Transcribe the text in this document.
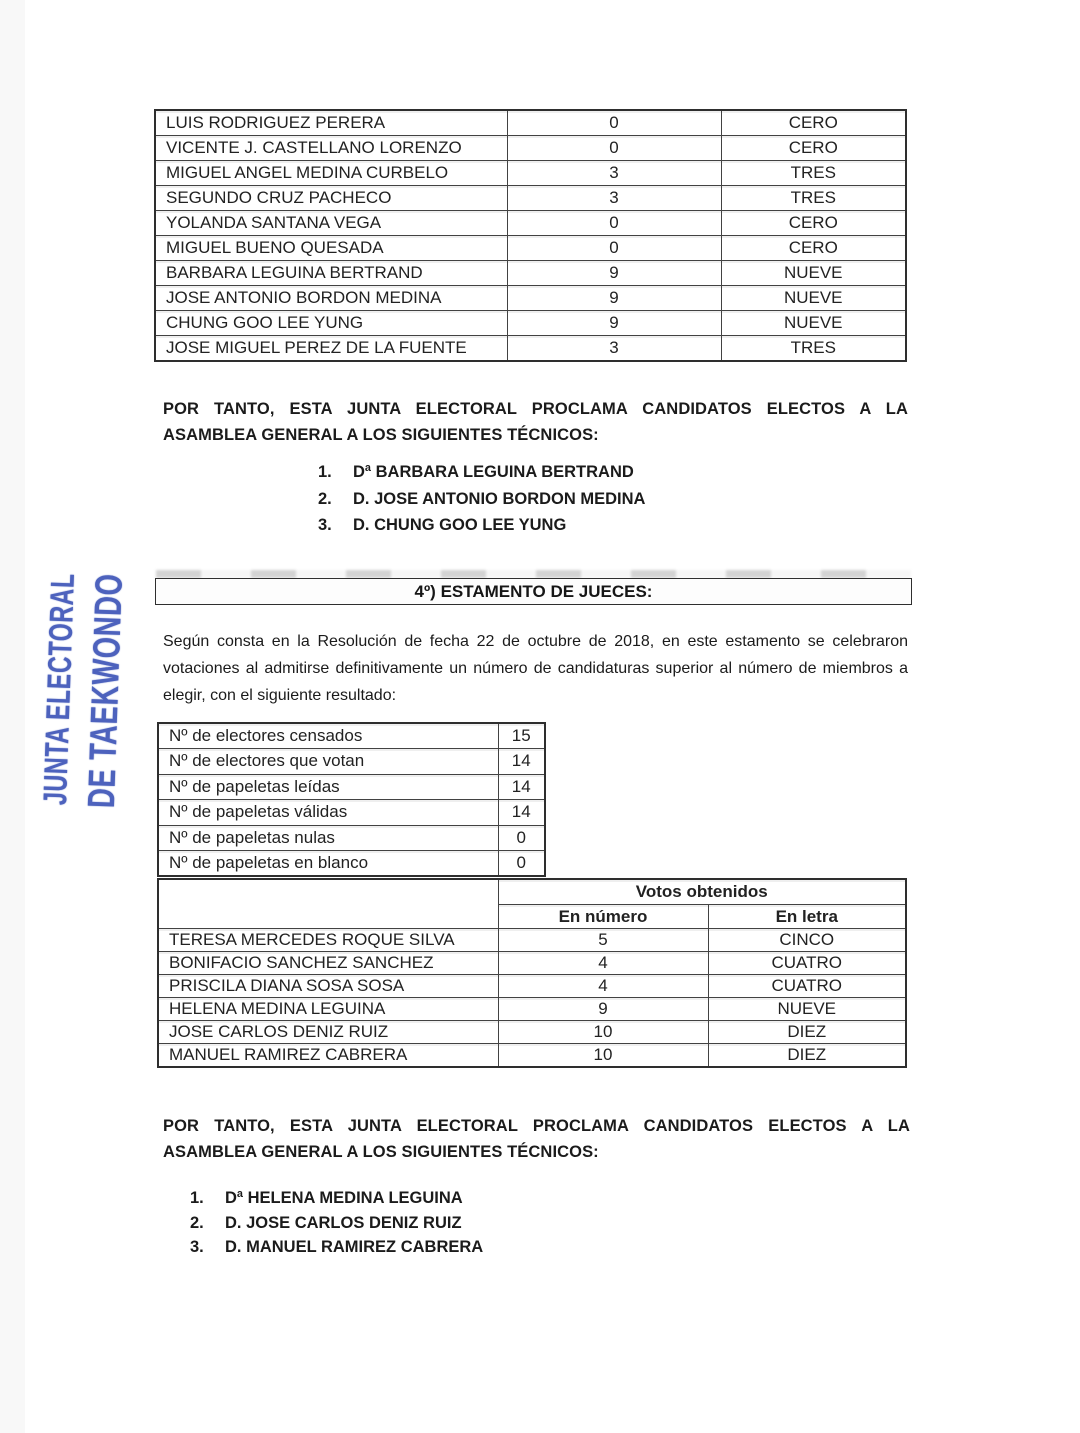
JUNTA ELECTORAL DE TAEKWONDO
LUIS RODRIGUEZ PERERA	0	CERO
VICENTE J. CASTELLANO LORENZO	0	CERO
MIGUEL ANGEL MEDINA CURBELO	3	TRES
SEGUNDO CRUZ PACHECO	3	TRES
YOLANDA SANTANA VEGA	0	CERO
MIGUEL BUENO QUESADA	0	CERO
BARBARA LEGUINA BERTRAND	9	NUEVE
JOSE ANTONIO BORDON MEDINA	9	NUEVE
CHUNG GOO LEE YUNG	9	NUEVE
JOSE MIGUEL PEREZ DE LA FUENTE	3	TRES
POR TANTO, ESTA JUNTA ELECTORAL PROCLAMA CANDIDATOS ELECTOS A LA ASAMBLEA GENERAL A LOS SIGUIENTES TÉCNICOS:
1.	Dª BARBARA LEGUINA BERTRAND
2.	D. JOSE ANTONIO BORDON MEDINA
3.	D. CHUNG GOO LEE YUNG
4º) ESTAMENTO DE JUECES:
Según consta en la Resolución de fecha 22 de octubre de 2018, en este estamento se celebraron votaciones al admitirse definitivamente un número de candidaturas superior al número de miembros a elegir, con el siguiente resultado:
Nº de electores censados	15
Nº de electores que votan	14
Nº de papeletas leídas	14
Nº de papeletas válidas	14
Nº de papeletas nulas	0
Nº de papeletas en blanco	0
	Votos obtenidos	
	En número	En letra
TERESA MERCEDES ROQUE SILVA	5	CINCO
BONIFACIO SANCHEZ SANCHEZ	4	CUATRO
PRISCILA DIANA SOSA SOSA	4	CUATRO
HELENA MEDINA LEGUINA	9	NUEVE
JOSE CARLOS DENIZ RUIZ	10	DIEZ
MANUEL RAMIREZ CABRERA	10	DIEZ
POR TANTO, ESTA JUNTA ELECTORAL PROCLAMA CANDIDATOS ELECTOS A LA ASAMBLEA GENERAL A LOS SIGUIENTES TÉCNICOS:
1.	Dª HELENA MEDINA LEGUINA
2.	D. JOSE CARLOS DENIZ RUIZ
3.	D. MANUEL RAMIREZ CABRERA
